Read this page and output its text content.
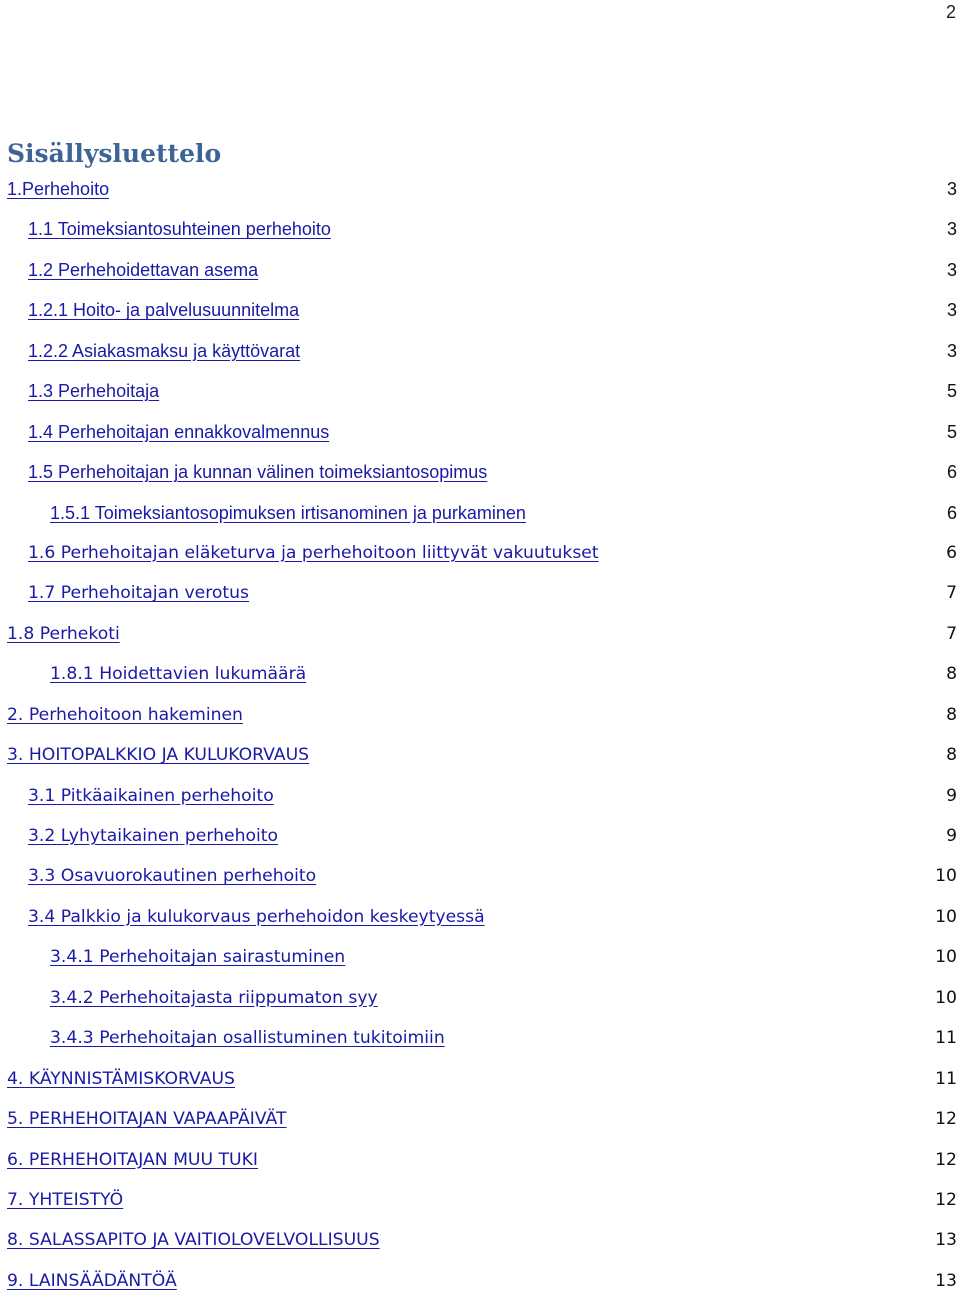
2
Sisällysluettelo
1.Perhehoito	3
1.1 Toimeksiantosuhteinen perhehoito	3
1.2 Perhehoidettavan asema	3
1.2.1 Hoito- ja palvelusuunnitelma	3
1.2.2 Asiakasmaksu ja käyttövarat	3
1.3 Perhehoitaja	5
1.4 Perhehoitajan ennakkovalmennus	5
1.5 Perhehoitajan ja kunnan välinen toimeksiantosopimus	6
1.5.1 Toimeksiantosopimuksen irtisanominen ja purkaminen	6
1.6 Perhehoitajan eläketurva ja perhehoitoon liittyvät vakuutukset	6
1.7 Perhehoitajan verotus	7
1.8 Perhekoti	7
1.8.1 Hoidettavien lukumäärä	8
2. Perhehoitoon hakeminen	8
3. HOITOPALKKIO JA KULUKORVAUS	8
3.1 Pitkäaikainen perhehoito	9
3.2 Lyhytaikainen perhehoito	9
3.3 Osavuorokautinen perhehoito	10
3.4 Palkkio ja kulukorvaus perhehoidon keskeytyessä	10
3.4.1 Perhehoitajan sairastuminen	10
3.4.2 Perhehoitajasta riippumaton syy	10
3.4.3 Perhehoitajan osallistuminen tukitoimiin	11
4. KÄYNNISTÄMISKORVAUS	11
5. PERHEHOITAJAN VAPAAPÄIVÄT	12
6. PERHEHOITAJAN MUU TUKI	12
7. YHTEISTYÖ	12
8. SALASSAPITO JA VAITIOLOVELVOLLISUUS	13
9. LAINSÄÄDÄNTÖÄ	13
